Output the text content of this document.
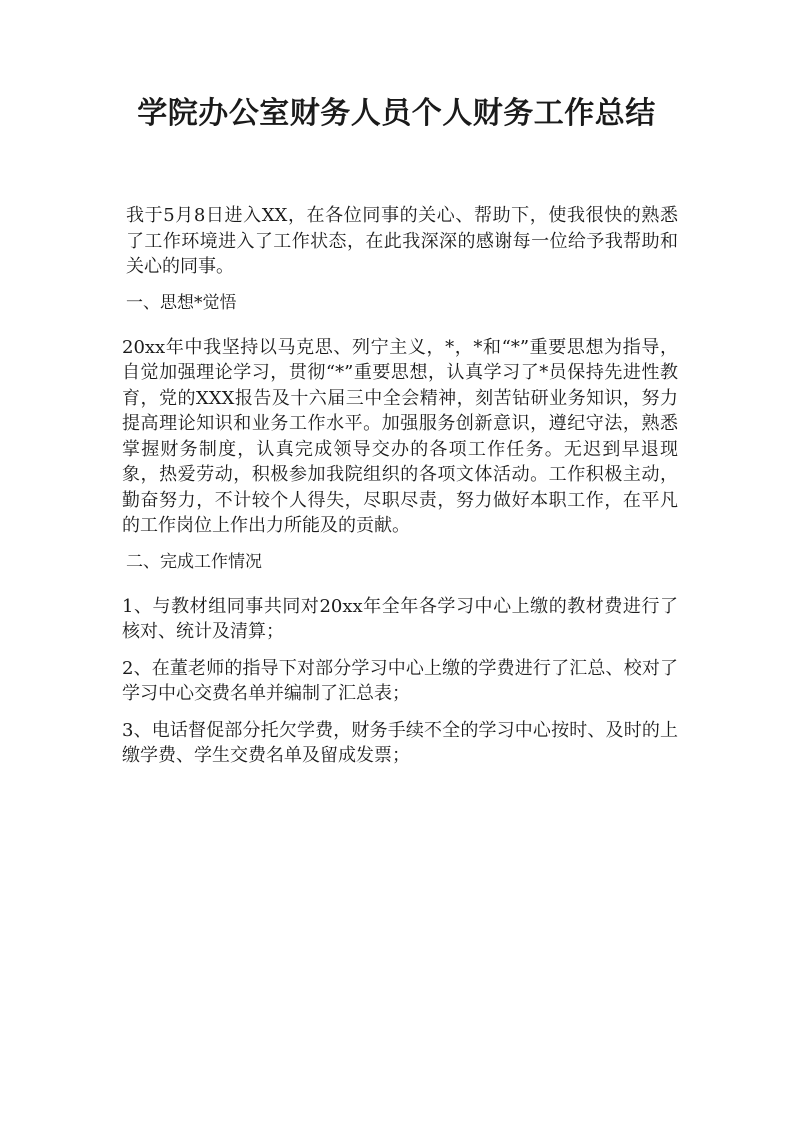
学院办公室财务人员个人财务工作总结

我于5月8日进入XX，在各位同事的关心、帮助下，使我很快的熟悉了工作环境进入了工作状态，在此我深深的感谢每一位给予我帮助和关心的同事。

一、思想*觉悟

20xx年中我坚持以马克思、列宁主义，*，*和“*”重要思想为指导，自觉加强理论学习，贯彻“*”重要思想，认真学习了*员保持先进性教育，党的XXX报告及十六届三中全会精神，刻苦钻研业务知识，努力提高理论知识和业务工作水平。加强服务创新意识，遵纪守法，熟悉掌握财务制度，认真完成领导交办的各项工作任务。无迟到早退现象，热爱劳动，积极参加我院组织的各项文体活动。工作积极主动，勤奋努力，不计较个人得失，尽职尽责，努力做好本职工作，在平凡的工作岗位上作出力所能及的贡献。

二、完成工作情况

1、与教材组同事共同对20xx年全年各学习中心上缴的教材费进行了核对、统计及清算；

2、在董老师的指导下对部分学习中心上缴的学费进行了汇总、校对了学习中心交费名单并编制了汇总表；

3、电话督促部分托欠学费，财务手续不全的学习中心按时、及时的上缴学费、学生交费名单及留成发票；
